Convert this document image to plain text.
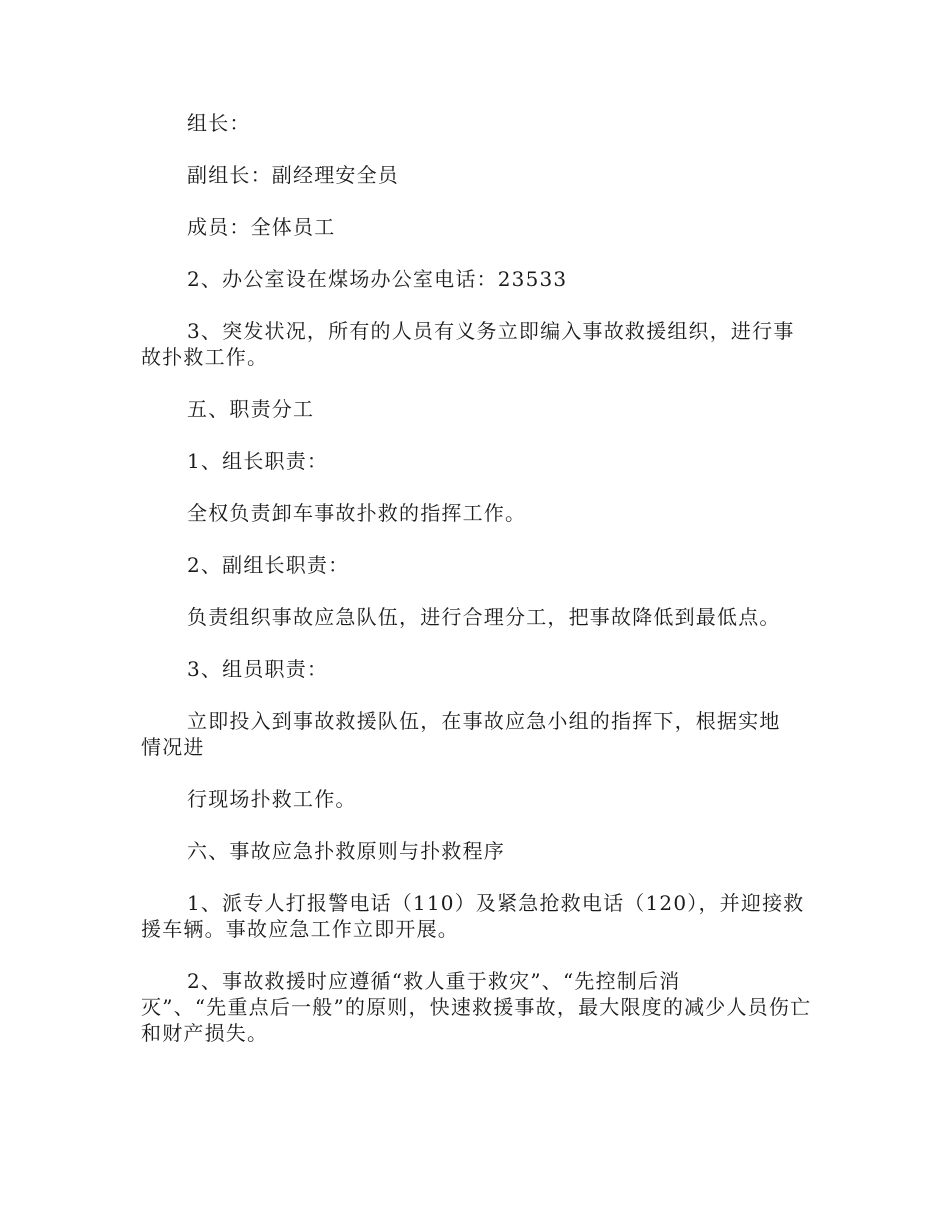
组长：

副组长：副经理安全员

成员：全体员工

2、办公室设在煤场办公室电话：23533

3、突发状况，所有的人员有义务立即编入事故救援组织，进行事故扑救工作。

五、职责分工

1、组长职责：

全权负责卸车事故扑救的指挥工作。

2、副组长职责：

负责组织事故应急队伍，进行合理分工，把事故降低到最低点。

3、组员职责：

立即投入到事故救援队伍，在事故应急小组的指挥下，根据实地
情况进

行现场扑救工作。

六、事故应急扑救原则与扑救程序

1、派专人打报警电话（110）及紧急抢救电话（120），并迎接救援车辆。事故应急工作立即开展。

2、事故救援时应遵循“救人重于救灾”、“先控制后消
灭”、“先重点后一般”的原则，快速救援事故，最大限度的减少人员伤亡和财产损失。
